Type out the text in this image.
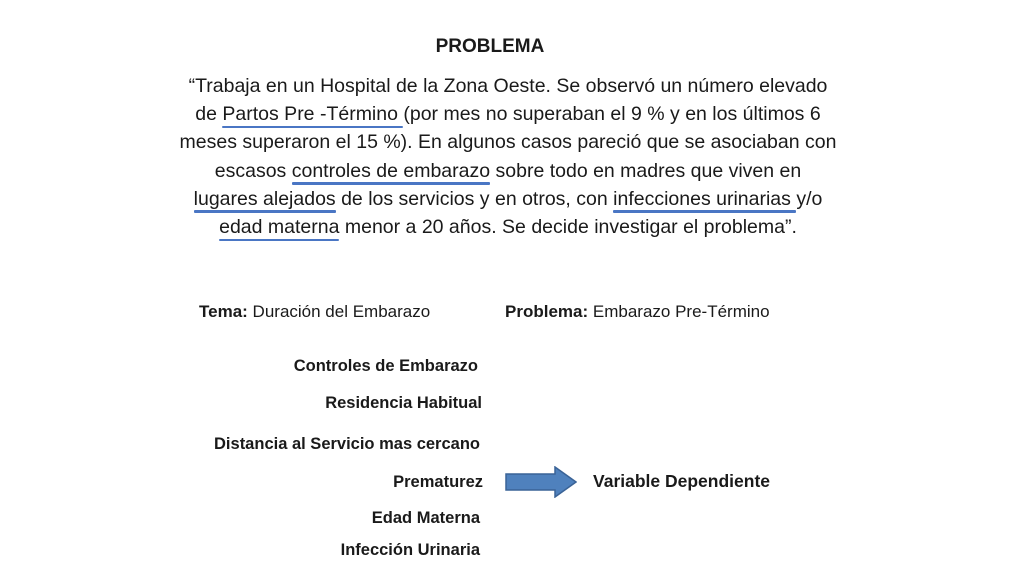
PROBLEMA
“Trabaja en un Hospital de la Zona Oeste. Se observó un número elevado
de Partos Pre -Término (por mes no superaban el 9 % y en los últimos 6
meses superaron el 15 %). En algunos casos pareció que se asociaban con
escasos controles de embarazo sobre todo en madres que viven en
lugares alejados de los servicios y en otros, con infecciones urinarias y/o
edad materna menor a 20 años. Se decide investigar el problema”.
Tema: Duración del Embarazo	Problema: Embarazo Pre-Término
Controles de Embarazo
Residencia Habitual
Distancia al Servicio mas cercano
Prematurez
Edad Materna
Infección Urinaria
Variable Dependiente
